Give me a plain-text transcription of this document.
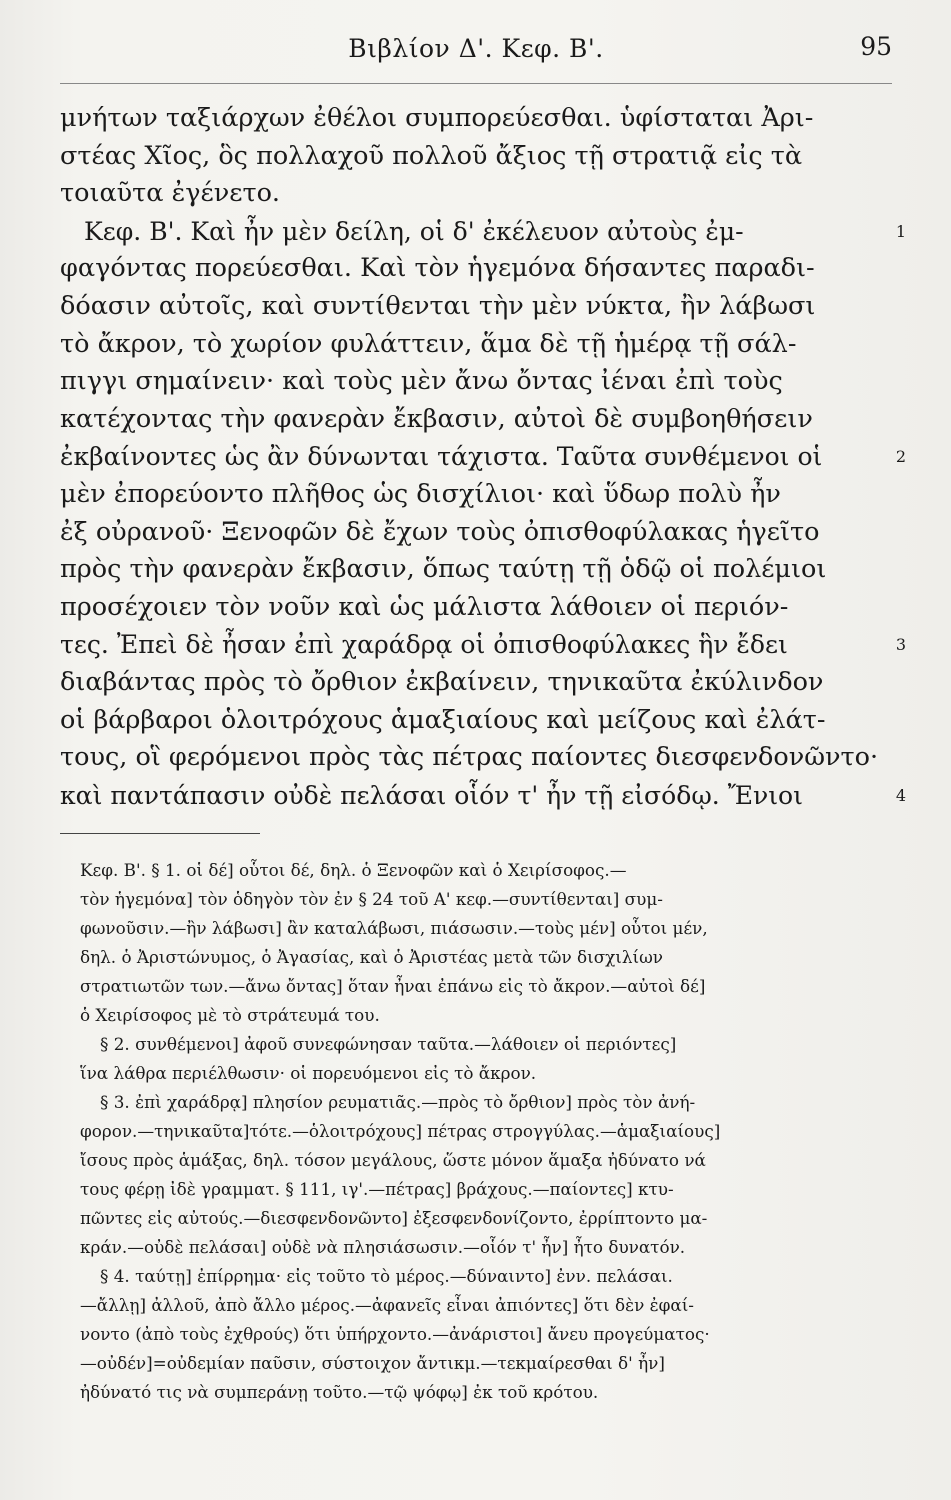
Βιβλίον Δ'. Κεφ. Β'.	95
μνήτων ταξιάρχων ἐθέλοι συμπορεύεσθαι. ὑφίσταται Ἀρι-
στέας Χῖος, ὃς πολλαχοῦ πολλοῦ ἄξιος τῇ στρατιᾷ εἰς τὰ
τοιαῦτα ἐγένετο.
Κεφ. Β'. Καὶ ἦν μὲν δείλη, οἱ δ' ἐκέλευον αὐτοὺς ἐμ-	1
φαγόντας πορεύεσθαι. Καὶ τὸν ἡγεμόνα δήσαντες παραδι-
δόασιν αὐτοῖς, καὶ συντίθενται τὴν μὲν νύκτα, ἢν λάβωσι
τὸ ἄκρον, τὸ χωρίον φυλάττειν, ἅμα δὲ τῇ ἡμέρᾳ τῇ σάλ-
πιγγι σημαίνειν· καὶ τοὺς μὲν ἄνω ὄντας ἰέναι ἐπὶ τοὺς
κατέχοντας τὴν φανερὰν ἔκβασιν, αὐτοὶ δὲ συμβοηθήσειν
ἐκβαίνοντες ὡς ἂν δύνωνται τάχιστα. Ταῦτα συνθέμενοι οἱ	2
μὲν ἐπορεύοντο πλῆθος ὡς δισχίλιοι· καὶ ὕδωρ πολὺ ἦν
ἐξ οὐρανοῦ· Ξενοφῶν δὲ ἔχων τοὺς ὀπισθοφύλακας ἡγεῖτο
πρὸς τὴν φανερὰν ἔκβασιν, ὅπως ταύτῃ τῇ ὁδῷ οἱ πολέμιοι
προσέχοιεν τὸν νοῦν καὶ ὡς μάλιστα λάθοιεν οἱ περιόν-
τες. Ἐπεὶ δὲ ἦσαν ἐπὶ χαράδρᾳ οἱ ὀπισθοφύλακες ἣν ἔδει	3
διαβάντας πρὸς τὸ ὄρθιον ἐκβαίνειν, τηνικαῦτα ἐκύλινδον
οἱ βάρβαροι ὁλοιτρόχους ἁμαξιαίους καὶ μείζους καὶ ἐλάτ-
τους, οἳ φερόμενοι πρὸς τὰς πέτρας παίοντες διεσφενδονῶντο·
καὶ παντάπασιν οὐδὲ πελάσαι οἷόν τ' ἦν τῇ εἰσόδῳ. Ἔνιοι	4
Κεφ. Β'. § 1. οἱ δέ] οὗτοι δέ, δηλ. ὁ Ξενοφῶν καὶ ὁ Χειρίσοφος.—
τὸν ἡγεμόνα] τὸν ὁδηγὸν τὸν ἐν § 24 τοῦ Α' κεφ.—συντίθενται] συμ-
φωνοῦσιν.—ἢν λάβωσι] ἂν καταλάβωσι, πιάσωσιν.—τοὺς μέν] οὗτοι μέν,
δηλ. ὁ Ἀριστώνυμος, ὁ Ἀγασίας, καὶ ὁ Ἀριστέας μετὰ τῶν δισχιλίων
στρατιωτῶν των.—ἄνω ὄντας] ὅταν ἦναι ἐπάνω εἰς τὸ ἄκρον.—αὐτοὶ δέ]
ὁ Χειρίσοφος μὲ τὸ στράτευμά του.
§ 2. συνθέμενοι] ἀφοῦ συνεφώνησαν ταῦτα.—λάθοιεν οἱ περιόντες]
ἵνα λάθρα περιέλθωσιν· οἱ πορευόμενοι εἰς τὸ ἄκρον.
§ 3. ἐπὶ χαράδρᾳ] πλησίον ρευματιᾶς.—πρὸς τὸ ὄρθιον] πρὸς τὸν ἀνή-
φορον.—τηνικαῦτα]τότε.—ὁλοιτρόχους] πέτρας στρογγύλας.—ἁμαξιαίους]
ἴσους πρὸς ἁμάξας, δηλ. τόσον μεγάλους, ὥστε μόνον ἅμαξα ἠδύνατο νά
τους φέρῃ ἰδὲ γραμματ. § 111, ιγ'.—πέτρας] βράχους.—παίοντες] κτυ-
πῶντες εἰς αὐτούς.—διεσφενδονῶντο] ἐξεσφενδονίζοντο, ἐρρίπτοντο μα-
κράν.—οὐδὲ πελάσαι] οὐδὲ νὰ πλησιάσωσιν.—οἷόν τ' ἦν] ἦτο δυνατόν.
§ 4. ταύτῃ] ἐπίρρημα· εἰς τοῦτο τὸ μέρος.—δύναιντο] ἐνν. πελάσαι.
—ἄλλῃ] ἀλλοῦ, ἀπὸ ἄλλο μέρος.—ἀφανεῖς εἶναι ἀπιόντες] ὅτι δὲν ἐφαί-
νοντο (ἀπὸ τοὺς ἐχθρούς) ὅτι ὑπήρχοντο.—ἀνάριστοι] ἄνευ προγεύματος·
—οὐδέν]=οὐδεμίαν παῦσιν, σύστοιχον ἄντικμ.—τεκμαίρεσθαι δ' ἦν]
ἠδύνατό τις νὰ συμπεράνῃ τοῦτο.—τῷ ψόφῳ] ἐκ τοῦ κρότου.
